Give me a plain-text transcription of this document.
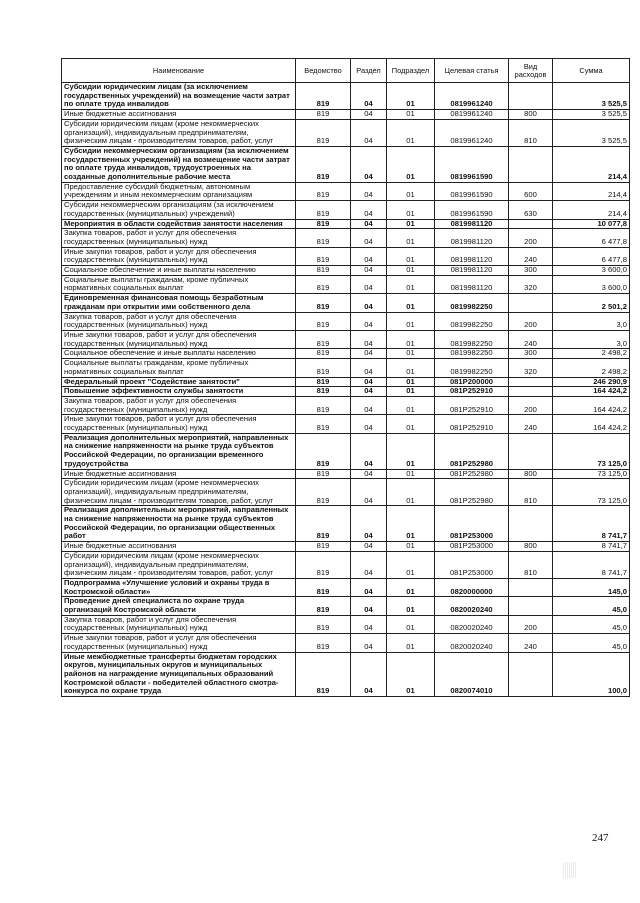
Наименование	Ведомство	Раздел	Подраздел	Целевая статья	Вид расходов	Сумма
Субсидии юридическим лицам (за исключением государственных учреждений) на возмещение части затрат по оплате труда инвалидов	819	04	01	0819961240		3 525,5
Иные бюджетные ассигнования	819	04	01	0819961240	800	3 525,5
Субсидии юридическим лицам (кроме некоммерческих организаций), индивидуальным предпринимателям, физическим лицам - производителям товаров, работ, услуг	819	04	01	0819961240	810	3 525,5
Субсидии некоммерческим организациям (за исключением государственных учреждений) на возмещение части затрат по оплате труда инвалидов, трудоустроенных на созданные дополнительные рабочие места	819	04	01	0819961590		214,4
Предоставление субсидий бюджетным, автономным учреждениям и иным некоммерческим организациям	819	04	01	0819961590	600	214,4
Субсидии некоммерческим организациям (за исключением государственных (муниципальных) учреждений)	819	04	01	0819961590	630	214,4
Мероприятия в области содействия занятости населения	819	04	01	0819981120		10 077,8
Закупка товаров, работ и услуг для обеспечения государственных (муниципальных) нужд	819	04	01	0819981120	200	6 477,8
Иные закупки товаров, работ и услуг для обеспечения государственных (муниципальных) нужд	819	04	01	0819981120	240	6 477,8
Социальное обеспечение и иные выплаты населению	819	04	01	0819981120	300	3 600,0
Социальные выплаты гражданам, кроме публичных нормативных социальных выплат	819	04	01	0819981120	320	3 600,0
Единовременная финансовая помощь безработным гражданам при открытии ими собственного дела	819	04	01	0819982250		2 501,2
Закупка товаров, работ и услуг для обеспечения государственных (муниципальных) нужд	819	04	01	0819982250	200	3,0
Иные закупки товаров, работ и услуг для обеспечения государственных (муниципальных) нужд	819	04	01	0819982250	240	3,0
Социальное обеспечение и иные выплаты населению	819	04	01	0819982250	300	2 498,2
Социальные выплаты гражданам, кроме публичных нормативных социальных выплат	819	04	01	0819982250	320	2 498,2
Федеральный проект "Содействие занятости"	819	04	01	081P200000		246 290,9
Повышение эффективности службы занятости	819	04	01	081P252910		164 424,2
Закупка товаров, работ и услуг для обеспечения государственных (муниципальных) нужд	819	04	01	081P252910	200	164 424,2
Иные закупки товаров, работ и услуг для обеспечения государственных (муниципальных) нужд	819	04	01	081P252910	240	164 424,2
Реализация дополнительных мероприятий, направленных на снижение напряженности на рынке труда субъектов Российской Федерации, по организации временного трудоустройства	819	04	01	081P252980		73 125,0
Иные бюджетные ассигнования	819	04	01	081P252980	800	73 125,0
Субсидии юридическим лицам (кроме некоммерческих организаций), индивидуальным предпринимателям, физическим лицам - производителям товаров, работ, услуг	819	04	01	081P252980	810	73 125,0
Реализация дополнительных мероприятий, направленных на снижение напряженности на рынке труда субъектов Российской Федерации, по организации общественных работ	819	04	01	081P253000		8 741,7
Иные бюджетные ассигнования	819	04	01	081P253000	800	8 741,7
Субсидии юридическим лицам (кроме некоммерческих организаций), индивидуальным предпринимателям, физическим лицам - производителям товаров, работ, услуг	819	04	01	081P253000	810	8 741,7
Подпрограмма «Улучшение условий и охраны труда в Костромской области»	819	04	01	0820000000		145,0
Проведение дней специалиста по охране труда организаций Костромской области	819	04	01	0820020240		45,0
Закупка товаров, работ и услуг для обеспечения государственных (муниципальных) нужд	819	04	01	0820020240	200	45,0
Иные закупки товаров, работ и услуг для обеспечения государственных (муниципальных) нужд	819	04	01	0820020240	240	45,0
Иные межбюджетные трансферты бюджетам городских округов, муниципальных округов и муниципальных районов на награждение муниципальных образований Костромской области - победителей областного смотра-конкурса по охране труда	819	04	01	0820074010		100,0
247
